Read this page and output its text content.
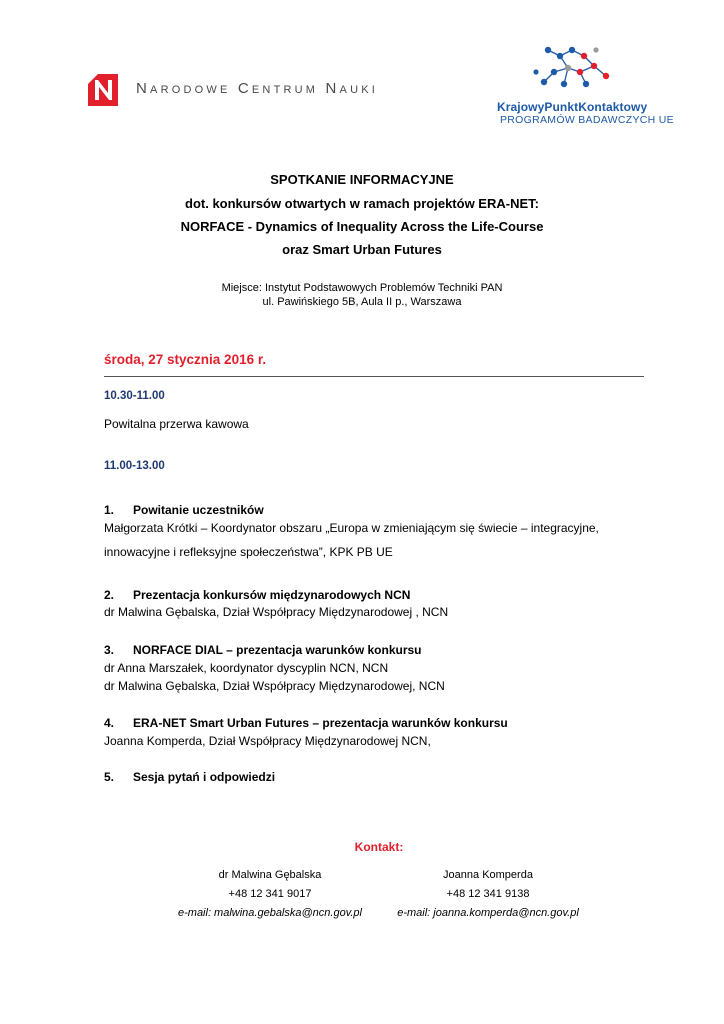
Narodowe Centrum Nauki
KrajowyPunktKontaktowy
PROGRAMÓW BADAWCZYCH UE
SPOTKANIE INFORMACYJNE
dot. konkursów otwartych w ramach projektów ERA-NET:
NORFACE - Dynamics of Inequality Across the Life-Course
oraz Smart Urban Futures
Miejsce: Instytut Podstawowych Problemów Techniki PAN
ul. Pawińskiego 5B, Aula II p., Warszawa
środa, 27 stycznia 2016 r.
10.30-11.00
Powitalna przerwa kawowa
11.00-13.00
1. Powitanie uczestników
Małgorzata Krótki – Koordynator obszaru „Europa w zmieniającym się świecie – integracyjne,
innowacyjne i refleksyjne społeczeństwa”, KPK PB UE
2. Prezentacja konkursów międzynarodowych NCN
dr Malwina Gębalska, Dział Współpracy Międzynarodowej , NCN
3. NORFACE DIAL – prezentacja warunków konkursu
dr Anna Marszałek, koordynator dyscyplin NCN, NCN
dr Malwina Gębalska, Dział Współpracy Międzynarodowej, NCN
4. ERA-NET Smart Urban Futures – prezentacja warunków konkursu
Joanna Komperda, Dział Współpracy Międzynarodowej NCN,
5. Sesja pytań i odpowiedzi
Kontakt:
dr Malwina Gębalska
+48 12 341 9017
e-mail: malwina.gebalska@ncn.gov.pl
Joanna Komperda
+48 12 341 9138
e-mail: joanna.komperda@ncn.gov.pl
